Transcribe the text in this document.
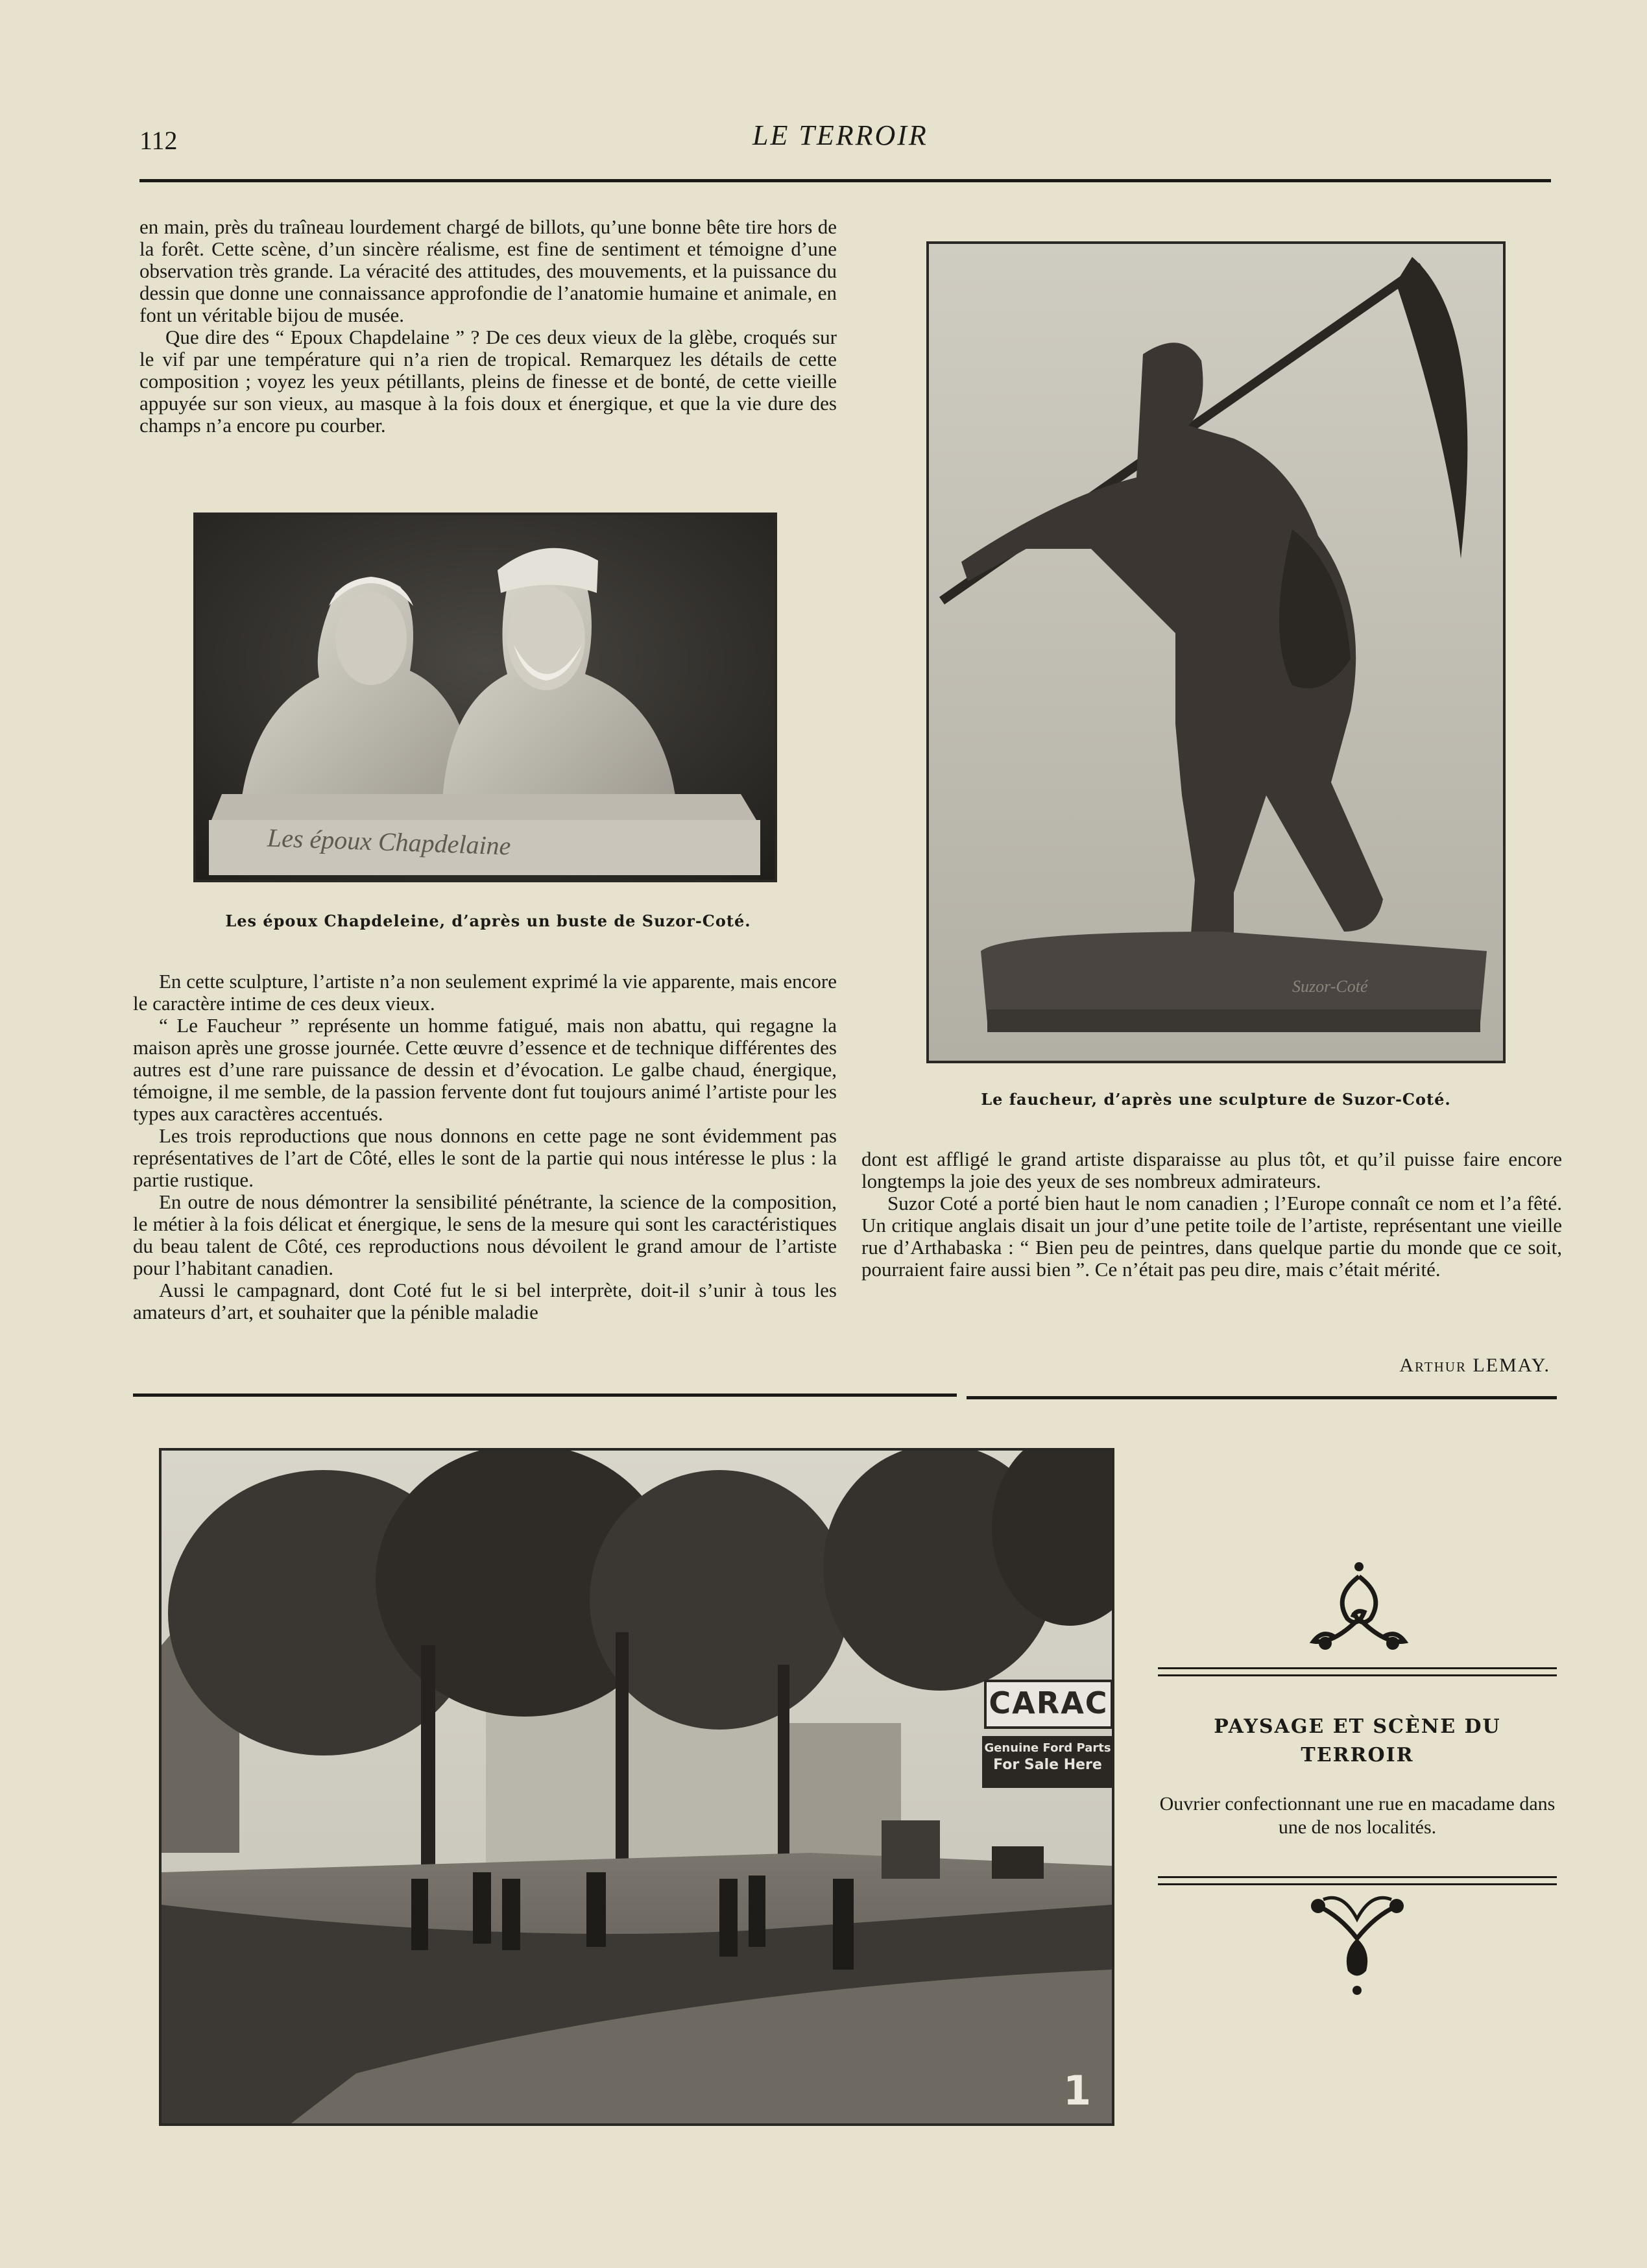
112	LE TERROIR

en main, près du traîneau lourdement chargé de billots, qu’une bonne bête tire hors de la forêt. Cette scène, d’un sincère réalisme, est fine de sentiment et témoigne d’une observation très grande. La véracité des attitudes, des mouvements, et la puissance du dessin que donne une connaissance approfondie de l’anatomie humaine et animale, en font un véritable bijou de musée.

Que dire des “ Epoux Chapdelaine ” ? De ces deux vieux de la glèbe, croqués sur le vif par une température qui n’a rien de tropical. Remarquez les détails de cette composition ; voyez les yeux pétillants, pleins de finesse et de bonté, de cette vieille appuyée sur son vieux, au masque à la fois doux et énergique, et que la vie dure des champs n’a encore pu courber.

Les époux Chapdelaine
Les époux Chapdeleine, d’après un buste de Suzor-Coté.

En cette sculpture, l’artiste n’a non seulement exprimé la vie apparente, mais encore le caractère intime de ces deux vieux.

“ Le Faucheur ” représente un homme fatigué, mais non abattu, qui regagne la maison après une grosse journée. Cette œuvre d’essence et de technique différentes des autres est d’une rare puissance de dessin et d’évocation. Le galbe chaud, énergique, témoigne, il me semble, de la passion fervente dont fut toujours animé l’artiste pour les types aux caractères accentués.

Les trois reproductions que nous donnons en cette page ne sont évidemment pas représentatives de l’art de Côté, elles le sont de la partie qui nous intéresse le plus : la partie rustique.

En outre de nous démontrer la sensibilité pénétrante, la science de la composition, le métier à la fois délicat et énergique, le sens de la mesure qui sont les caractéristiques du beau talent de Côté, ces reproductions nous dévoilent le grand amour de l’artiste pour l’habitant canadien.

Aussi le campagnard, dont Coté fut le si bel interprète, doit-il s’unir à tous les amateurs d’art, et souhaiter que la pénible maladie

Suzor-Coté
Le faucheur, d’après une sculpture de Suzor-Coté.

dont est affligé le grand artiste disparaisse au plus tôt, et qu’il puisse faire encore longtemps la joie des yeux de ses nombreux admirateurs.

Suzor Coté a porté bien haut le nom canadien ; l’Europe connaît ce nom et l’a fêté. Un critique anglais disait un jour d’une petite toile de l’artiste, représentant une vieille rue d’Arthabaska : “ Bien peu de peintres, dans quelque partie du monde que ce soit, pourraient faire aussi bien ”. Ce n’était pas peu dire, mais c’était mérité.

Arthur LEMAY.
CARAC
Genuine Ford Parts
For Sale Here
1
PAYSAGE ET SCÈNE DU
TERROIR
Ouvrier confectionnant une rue en macadame dans une de nos localités.
